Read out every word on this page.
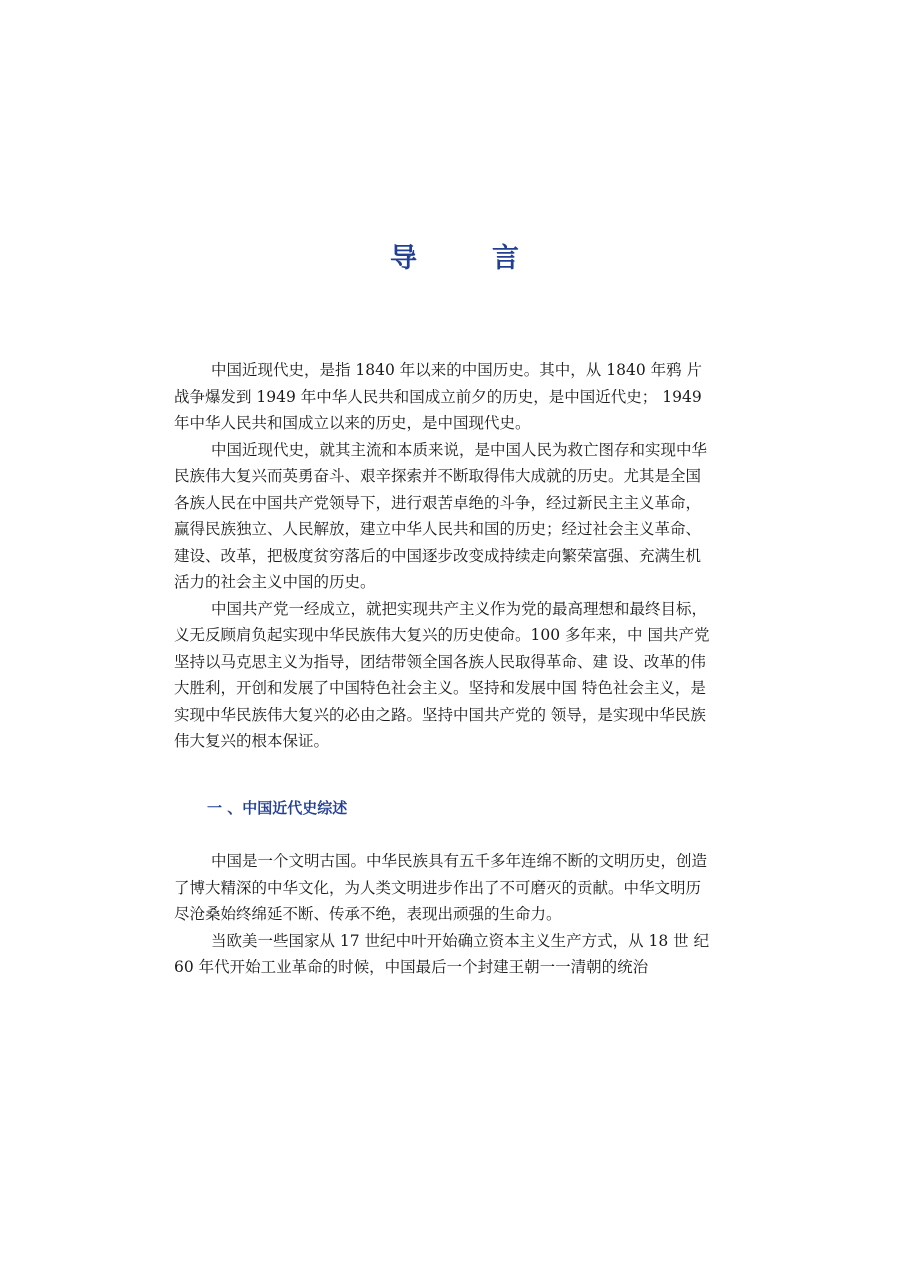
导　言

中国近现代史，是指 1840 年以来的中国历史。其中，从 1840 年鸦 片战争爆发到 1949 年中华人民共和国成立前夕的历史，是中国近代史； 1949 年中华人民共和国成立以来的历史，是中国现代史。

中国近现代史，就其主流和本质来说，是中国人民为救亡图存和实现中华民族伟大复兴而英勇奋斗、艰辛探索并不断取得伟大成就的历史。尤其是全国各族人民在中国共产党领导下，进行艰苦卓绝的斗争，经过新民主主义革命，赢得民族独立、人民解放，建立中华人民共和国的历史；经过社会主义革命、建设、改革，把极度贫穷落后的中国逐步改变成持续走向繁荣富强、充满生机活力的社会主义中国的历史。

中国共产党一经成立，就把实现共产主义作为党的最高理想和最终目标，义无反顾肩负起实现中华民族伟大复兴的历史使命。100 多年来，中 国共产党坚持以马克思主义为指导，团结带领全国各族人民取得革命、建 设、改革的伟大胜利，开创和发展了中国特色社会主义。坚持和发展中国 特色社会主义，是实现中华民族伟大复兴的必由之路。坚持中国共产党的 领导，是实现中华民族伟大复兴的根本保证。

一 、中国近代史综述

中国是一个文明古国。中华民族具有五千多年连绵不断的文明历史，创造了博大精深的中华文化，为人类文明进步作出了不可磨灭的贡献。中华文明历尽沧桑始终绵延不断、传承不绝，表现出顽强的生命力。

当欧美一些国家从 17 世纪中叶开始确立资本主义生产方式，从 18 世 纪 60 年代开始工业革命的时候，中国最后一个封建王朝一一清朝的统治
